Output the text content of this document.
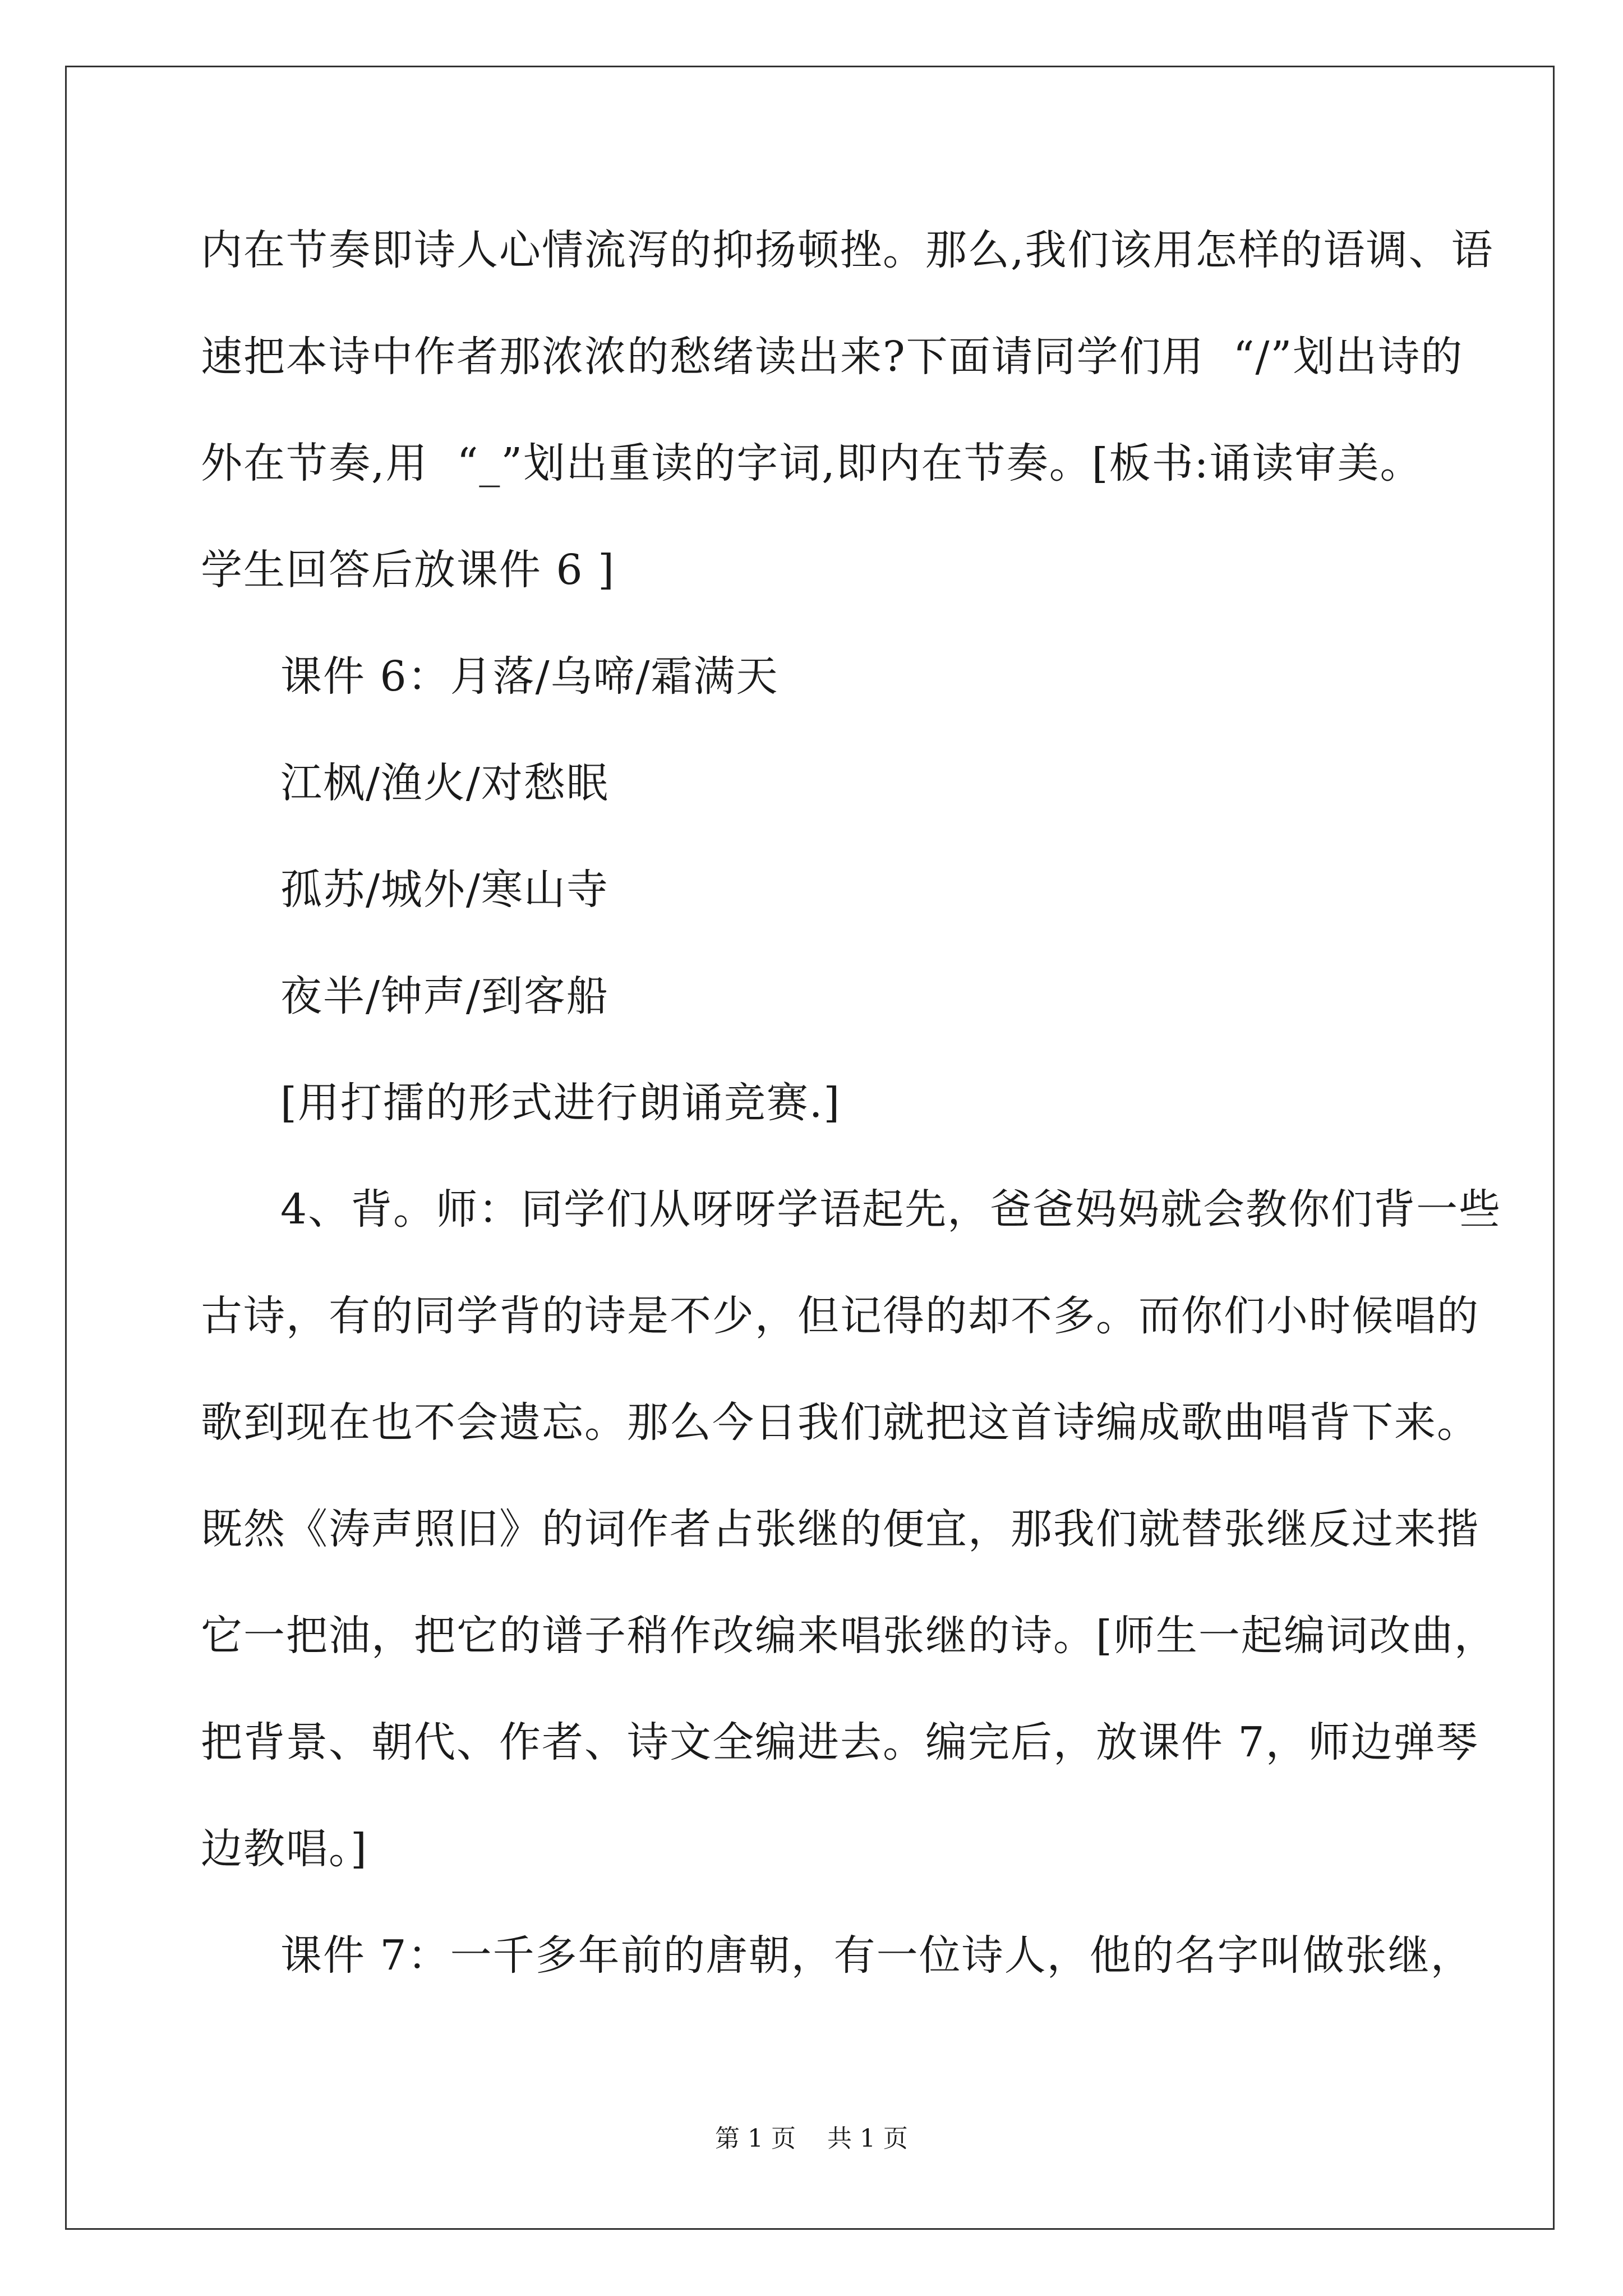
内在节奏即诗人心情流泻的抑扬顿挫。那么,我们该用怎样的语调、语
速把本诗中作者那浓浓的愁绪读出来?下面请同学们用  “/”划出诗的
外在节奏,用  “_”划出重读的字词,即内在节奏。[板书:诵读审美。
学生回答后放课件 6 ]
课件 6：月落/乌啼/霜满天
江枫/渔火/对愁眠
孤苏/城外/寒山寺
夜半/钟声/到客船
[用打擂的形式进行朗诵竞赛.]
4、背。师：同学们从呀呀学语起先，爸爸妈妈就会教你们背一些
古诗，有的同学背的诗是不少，但记得的却不多。而你们小时候唱的
歌到现在也不会遗忘。那么今日我们就把这首诗编成歌曲唱背下来。
既然《涛声照旧》的词作者占张继的便宜，那我们就替张继反过来揩
它一把油，把它的谱子稍作改编来唱张继的诗。[师生一起编词改曲，
把背景、朝代、作者、诗文全编进去。编完后，放课件 7，师边弹琴
边教唱。]
课件 7：一千多年前的唐朝，有一位诗人，他的名字叫做张继，
第 1 页    共 1 页
